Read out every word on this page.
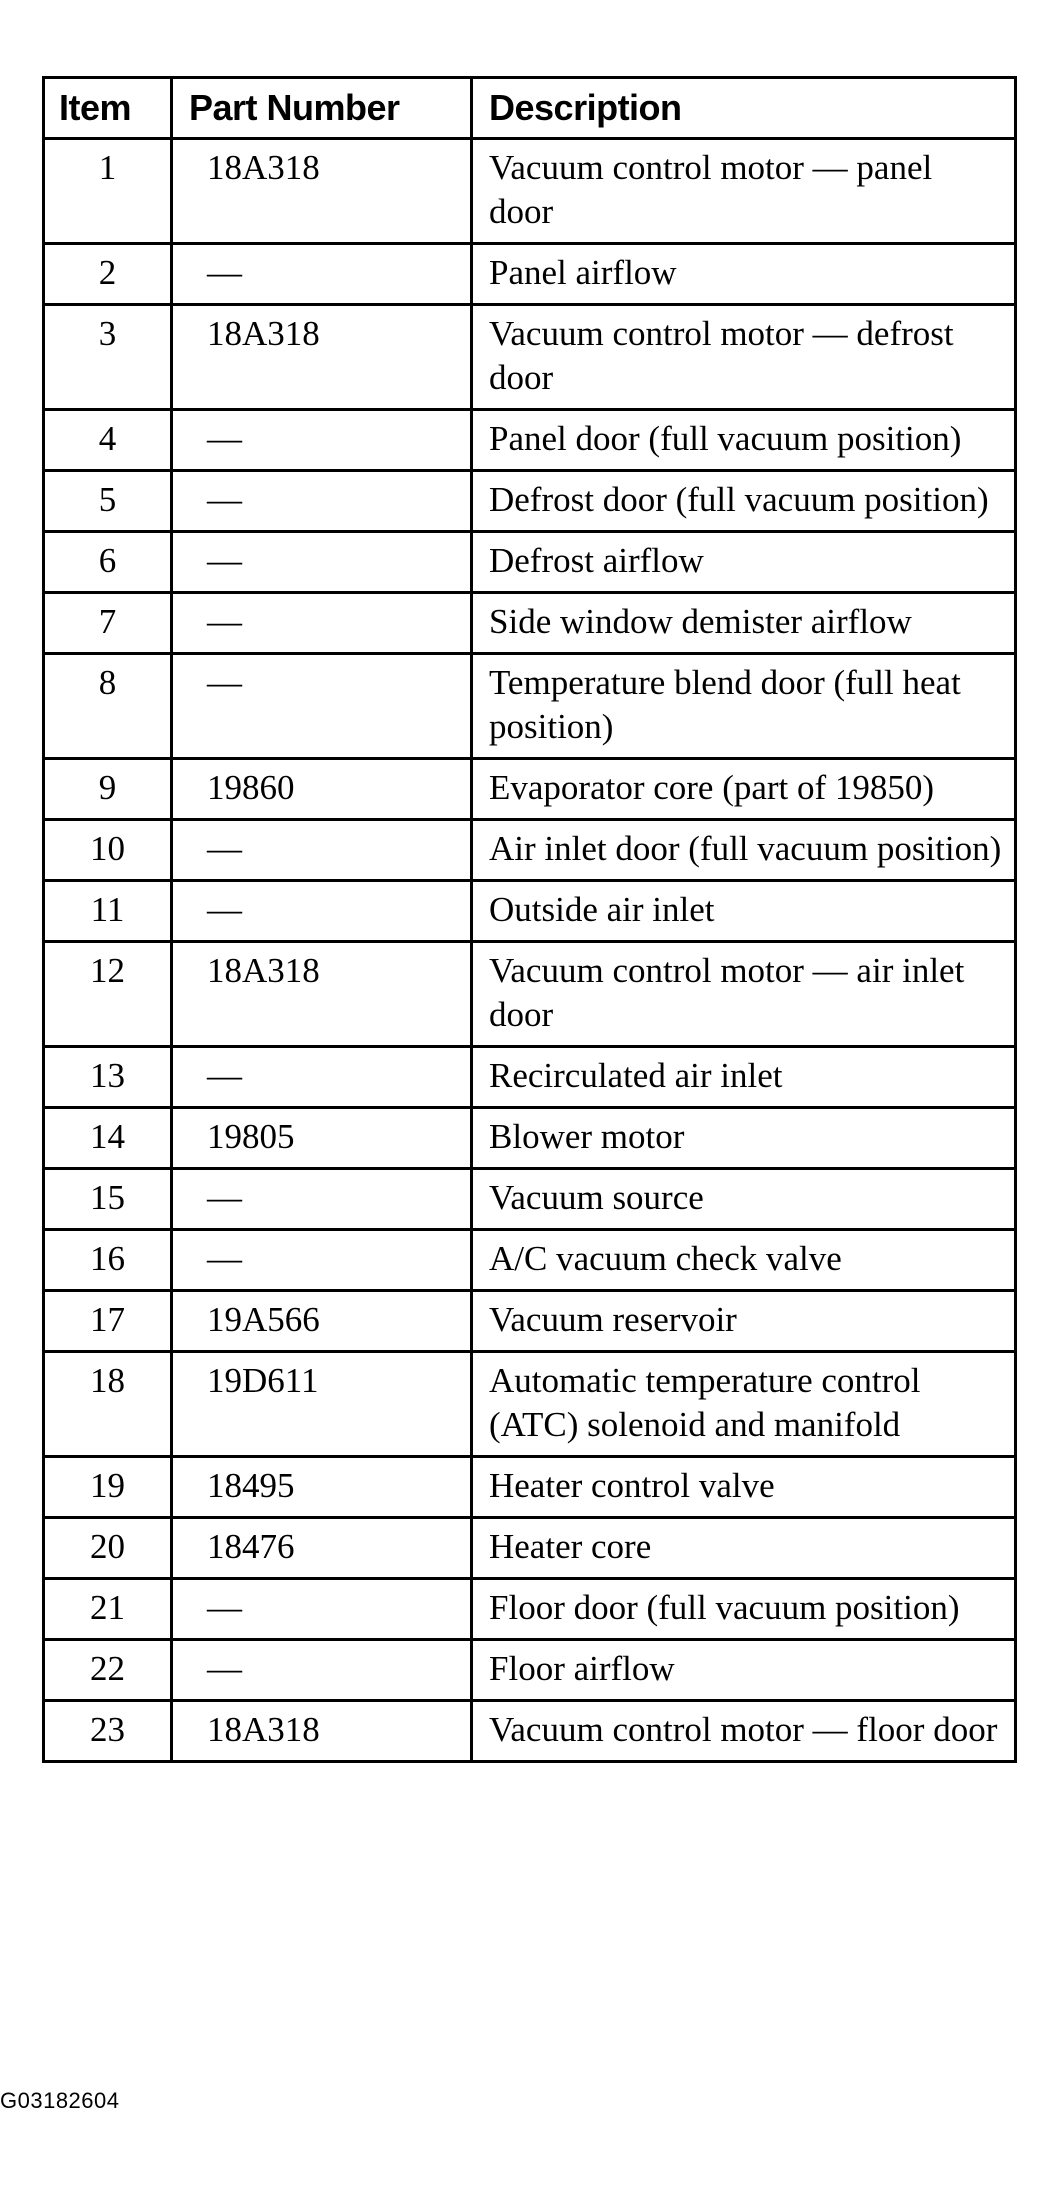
Item	Part Number	Description
1	18A318	Vacuum control motor — panel door
2	—	Panel airflow
3	18A318	Vacuum control motor — defrost door
4	—	Panel door (full vacuum position)
5	—	Defrost door (full vacuum position)
6	—	Defrost airflow
7	—	Side window demister airflow
8	—	Temperature blend door (full heat position)
9	19860	Evaporator core (part of 19850)
10	—	Air inlet door (full vacuum position)
11	—	Outside air inlet
12	18A318	Vacuum control motor — air inlet door
13	—	Recirculated air inlet
14	19805	Blower motor
15	—	Vacuum source
16	—	A/C vacuum check valve
17	19A566	Vacuum reservoir
18	19D611	Automatic temperature control (ATC) solenoid and manifold
19	18495	Heater control valve
20	18476	Heater core
21	—	Floor door (full vacuum position)
22	—	Floor airflow
23	18A318	Vacuum control motor — floor door
G03182604
